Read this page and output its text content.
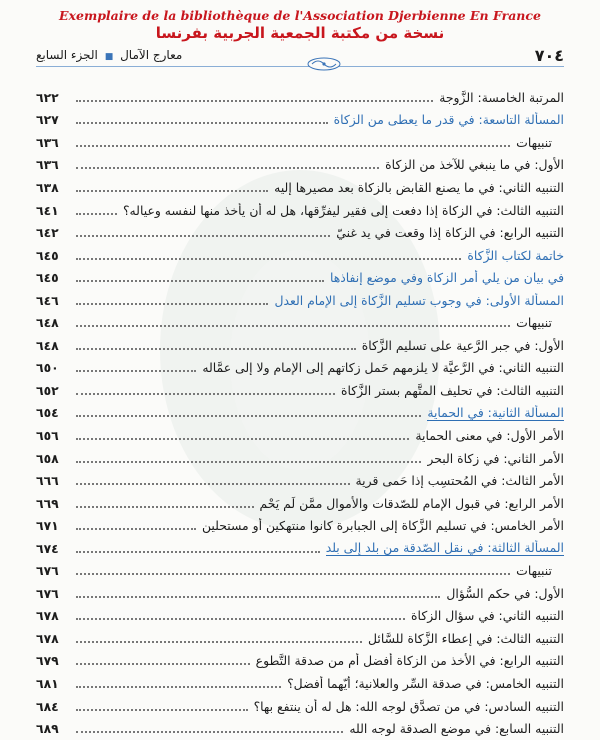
Exemplaire de la bibliothèque de l'Association Djerbienne En France
نسخة من مكتبة الجمعية الجربية بفرنسا
٧٠٤
معارج الآمال ■ الجزء السابع
المرتبة الخامسة: الزَّوجة
٦٢٢
المسألة التاسعة: في قدر ما يعطى من الزكاة
٦٢٧
تنبيهات
٦٣٦
الأول: في ما ينبغي للآخذ من الزكاة
٦٣٦
التنبيه الثاني: في ما يصنع القابض بالزكاة بعد مصيرها إليه
٦٣٨
التنبيه الثالث: في الزكاة إذا دفعت إلى فقير ليفرِّقها، هل له أن يأخذ منها لنفسه وعياله؟
٦٤١
التنبيه الرابع: في الزكاة إذا وقعت في يد غنيّ
٦٤٢
خاتمة لكتاب الزَّكاة
٦٤٥
في بيان من يلي أمر الزكاة وفي موضع إنفاذها
٦٤٥
المسألة الأولى: في وجوب تسليم الزَّكاة إلى الإمام العدل
٦٤٦
تنبيهات
٦٤٨
الأول: في جبر الرَّعية على تسليم الزَّكاة
٦٤٨
التنبيه الثاني: في الرَّعيَّة لا يلزمهم حَمل زكاتهم إلى الإمام ولا إلى عمَّاله
٦٥٠
التنبيه الثالث: في تحليف المتَّهم بستر الزَّكاة
٦٥٢
المسألة الثانية: في الحماية
٦٥٤
الأمر الأول: في معنى الحماية
٦٥٦
الأمر الثاني: في زكاة البحر
٦٥٨
الأمر الثالث: في المُحتسِب إذا حَمى قرية
٦٦٦
الأمر الرابع: في قبول الإمام للصّدقات والأموال ممَّن لَم يَحْمِ
٦٦٩
الأمر الخامس: في تسليم الزَّكاة إلى الجبابرة كانوا منتهكين أو مستحلين
٦٧١
المسألة الثالثة: في نقل الصّدقة من بلد إلى بلد
٦٧٤
تنبيهات
٦٧٦
الأول: في حكم السُّؤال
٦٧٦
التنبيه الثاني: في سؤال الزكاة
٦٧٨
التنبيه الثالث: في إعطاء الزَّكاة للسَّائل
٦٧٨
التنبيه الرابع: في الأخذ من الزكاة أفضل أم من صدقة التَّطوع
٦٧٩
التنبيه الخامس: في صدقة السِّر والعلانية؛ أيّهما أفضل؟
٦٨١
التنبيه السادس: في من تصدَّق لوجه الله: هل له أن ينتفع بها؟
٦٨٤
التنبيه السابع: في موضع الصدقة لوجه الله
٦٨٩
